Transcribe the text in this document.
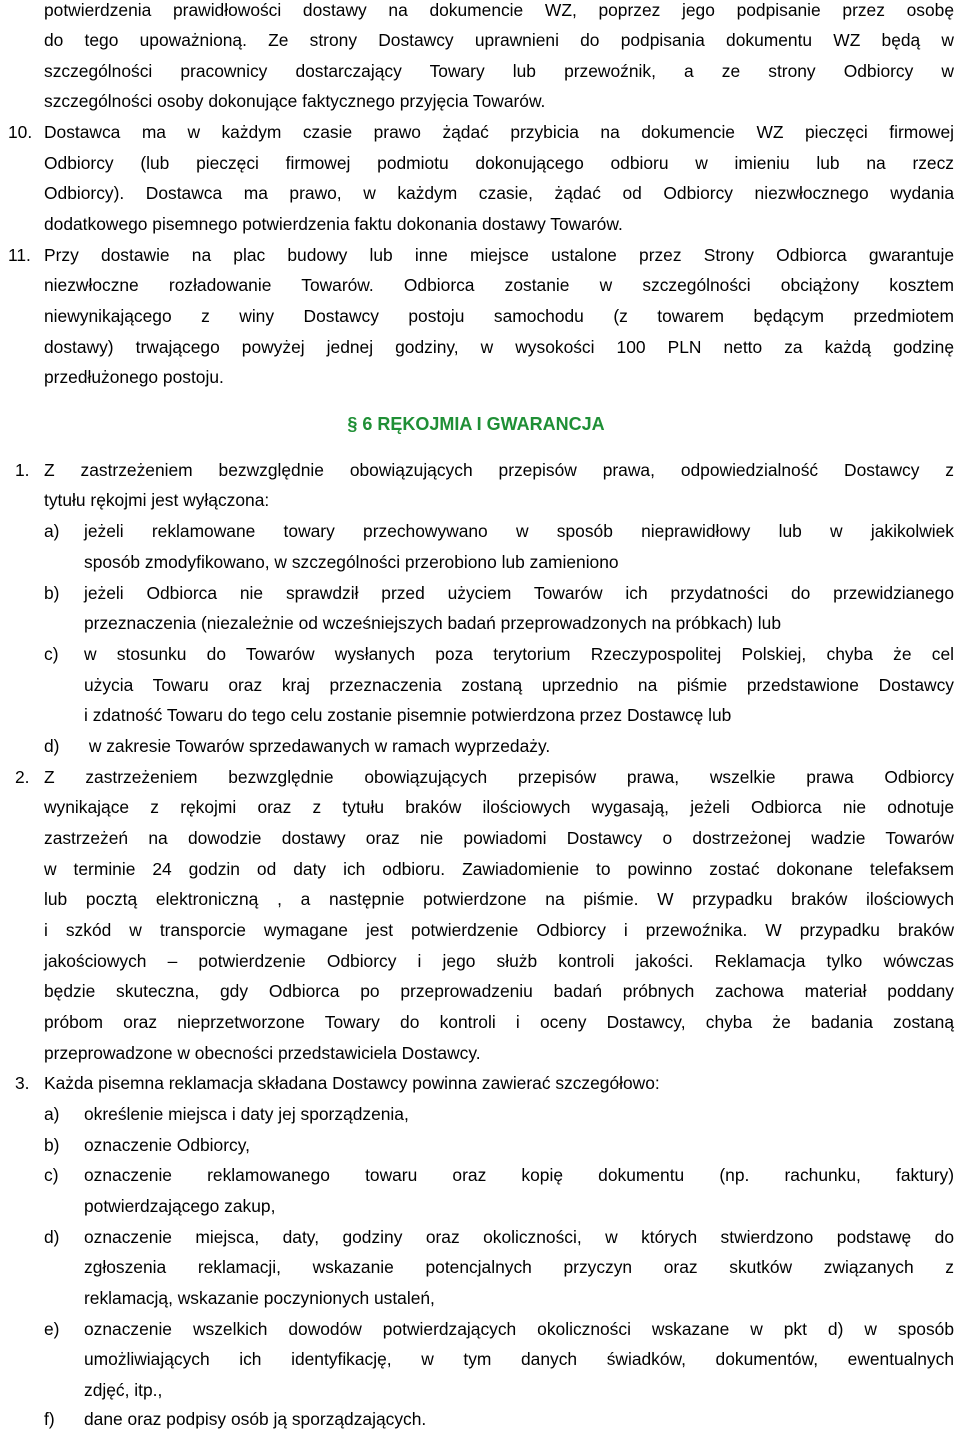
potwierdzenia prawidłowości dostawy na dokumencie WZ, poprzez jego podpisanie przez osobę
do tego upoważnioną. Ze strony Dostawcy uprawnieni do podpisania dokumentu WZ będą w
szczególności pracownicy dostarczający Towary lub przewoźnik, a ze strony Odbiorcy w
szczególności osoby dokonujące faktycznego przyjęcia Towarów.
10. Dostawca ma w każdym czasie prawo żądać przybicia na dokumencie WZ pieczęci firmowej
Odbiorcy (lub pieczęci firmowej podmiotu dokonującego odbioru w imieniu lub na rzecz
Odbiorcy). Dostawca ma prawo, w każdym czasie, żądać od Odbiorcy niezwłocznego wydania
dodatkowego pisemnego potwierdzenia faktu dokonania dostawy Towarów.
11. Przy dostawie na plac budowy lub inne miejsce ustalone przez Strony Odbiorca gwarantuje
niezwłoczne rozładowanie Towarów. Odbiorca zostanie w szczególności obciążony kosztem
niewynikającego z winy Dostawcy postoju samochodu (z towarem będącym przedmiotem
dostawy) trwającego powyżej jednej godziny, w wysokości 100 PLN netto za każdą godzinę
przedłużonego postoju.
§ 6 RĘKOJMIA I GWARANCJA
1. Z zastrzeżeniem bezwzględnie obowiązujących przepisów prawa, odpowiedzialność Dostawcy z
tytułu rękojmi jest wyłączona:
a) jeżeli reklamowane towary przechowywano w sposób nieprawidłowy lub w jakikolwiek
sposób zmodyfikowano, w szczególności przerobiono lub zamieniono
b) jeżeli Odbiorca nie sprawdził przed użyciem Towarów ich przydatności do przewidzianego
przeznaczenia (niezależnie od wcześniejszych badań przeprowadzonych na próbkach) lub
c) w stosunku do Towarów wysłanych poza terytorium Rzeczypospolitej Polskiej, chyba że cel
użycia Towaru oraz kraj przeznaczenia zostaną uprzednio na piśmie przedstawione Dostawcy
i zdatność Towaru do tego celu zostanie pisemnie potwierdzona przez Dostawcę lub
d) w zakresie Towarów sprzedawanych w ramach wyprzedaży.
2. Z zastrzeżeniem bezwzględnie obowiązujących przepisów prawa, wszelkie prawa Odbiorcy
wynikające z rękojmi oraz z tytułu braków ilościowych wygasają, jeżeli Odbiorca nie odnotuje
zastrzeżeń na dowodzie dostawy oraz nie powiadomi Dostawcy o dostrzeżonej wadzie Towarów
w terminie 24 godzin od daty ich odbioru. Zawiadomienie to powinno zostać dokonane telefaksem
lub pocztą elektroniczną , a następnie potwierdzone na piśmie. W przypadku braków ilościowych
i szkód w transporcie wymagane jest potwierdzenie Odbiorcy i przewoźnika. W przypadku braków
jakościowych – potwierdzenie Odbiorcy i jego służb kontroli jakości. Reklamacja tylko wówczas
będzie skuteczna, gdy Odbiorca po przeprowadzeniu badań próbnych zachowa materiał poddany
próbom oraz nieprzetworzone Towary do kontroli i oceny Dostawcy, chyba że badania zostaną
przeprowadzone w obecności przedstawiciela Dostawcy.
3. Każda pisemna reklamacja składana Dostawcy powinna zawierać szczegółowo:
a) określenie miejsca i daty jej sporządzenia,
b) oznaczenie Odbiorcy,
c) oznaczenie reklamowanego towaru oraz kopię dokumentu (np. rachunku, faktury)
potwierdzającego zakup,
d) oznaczenie miejsca, daty, godziny oraz okoliczności, w których stwierdzono podstawę do
zgłoszenia reklamacji, wskazanie potencjalnych przyczyn oraz skutków związanych z
reklamacją, wskazanie poczynionych ustaleń,
e) oznaczenie wszelkich dowodów potwierdzających okoliczności wskazane w pkt d) w sposób
umożliwiających ich identyfikację, w tym danych świadków, dokumentów, ewentualnych
zdjęć, itp.,
f) dane oraz podpisy osób ją sporządzających.
